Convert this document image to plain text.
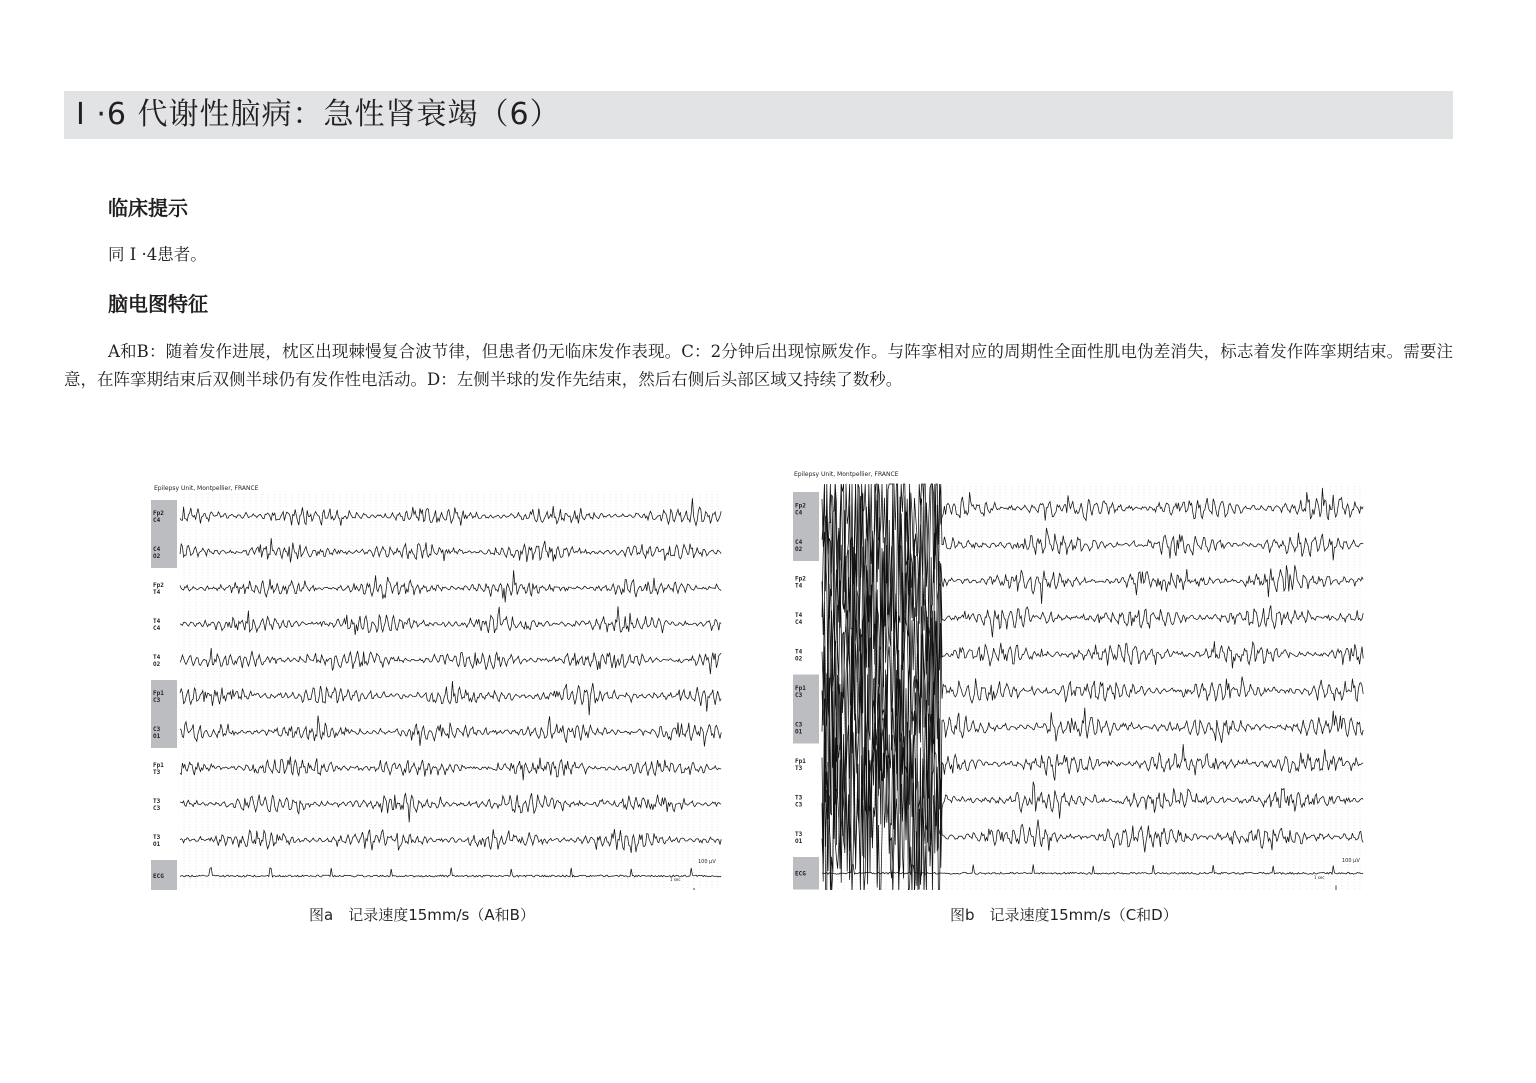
I ·6 代谢性脑病：急性肾衰竭（6）
临床提示
同 I ·4患者。
脑电图特征
A和B：随着发作进展，枕区出现棘慢复合波节律，但患者仍无临床发作表现。C：2分钟后出现惊厥发作。与阵挛相对应的周期性全面性肌电伪差消失，标志着发作阵挛期结束。需要注意，在阵挛期结束后双侧半球仍有发作性电活动。D：左侧半球的发作先结束，然后右侧后头部区域又持续了数秒。
Fp2
C4
C4
O2
Fp2
T4
T4
C4
T4
O2
Fp1
C3
C3
O1
Fp1
T3
T3
C3
T3
O1
ECG
Epilepsy Unit, Montpellier, FRANCE
100 μV
1 sec
Fp2
C4
C4
O2
Fp2
T4
T4
C4
T4
O2
Fp1
C3
C3
O1
Fp1
T3
T3
C3
T3
O1
ECG
Epilepsy Unit, Montpellier, FRANCE
100 μV
1 sec
图a　记录速度15mm/s（A和B）	图b　记录速度15mm/s（C和D）
